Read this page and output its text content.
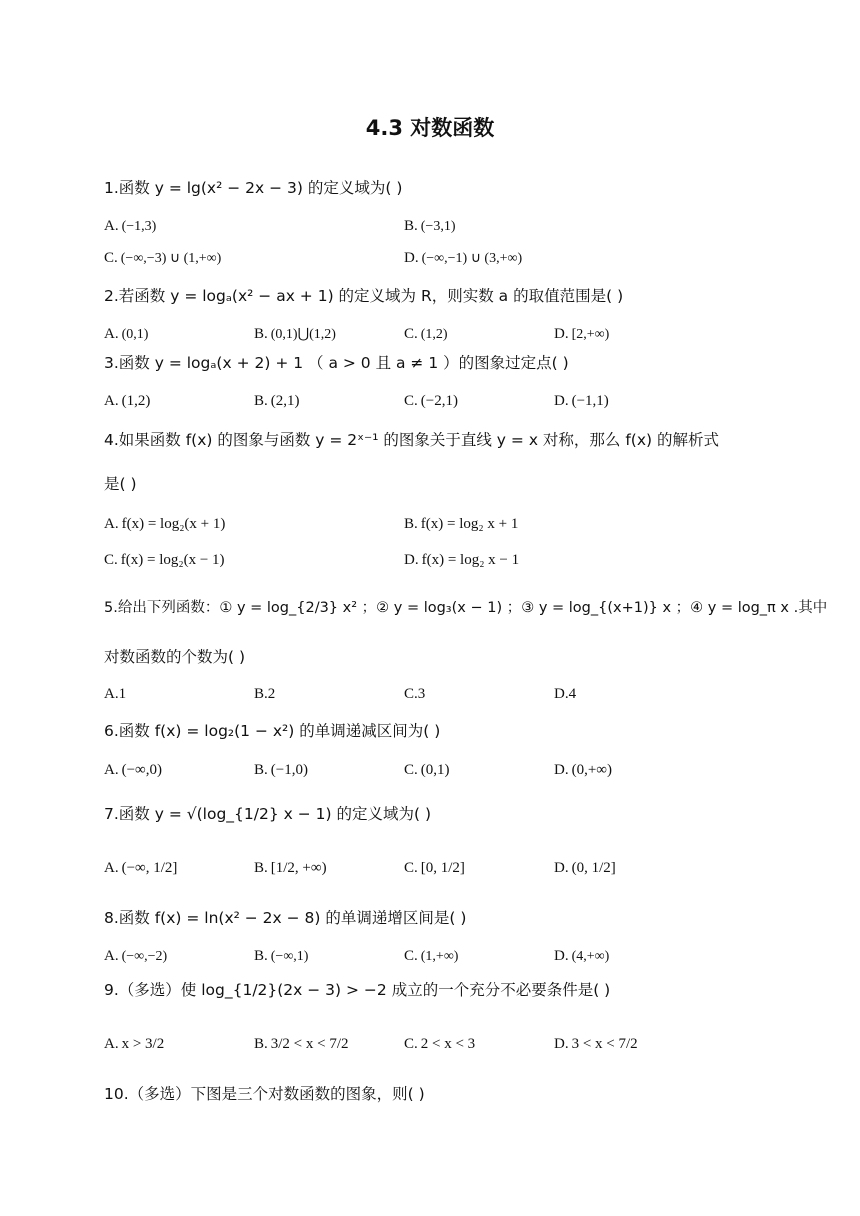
4.3 对数函数
1.函数 y = lg(x² − 2x − 3) 的定义域为( )
A. (−1,3)	B. (−3,1)
C. (−∞,−3) ∪ (1,+∞)	D. (−∞,−1) ∪ (3,+∞)
2.若函数 y = logₐ(x² − ax + 1) 的定义域为 R，则实数 a 的取值范围是( )
A. (0,1)	B. (0,1)⋃(1,2)	C. (1,2)	D. [2,+∞)
3.函数 y = logₐ(x + 2) + 1 （ a > 0 且 a ≠ 1 ）的图象过定点( )
A. (1,2)	B. (2,1)	C. (−2,1)	D. (−1,1)
4.如果函数 f(x) 的图象与函数 y = 2ˣ⁻¹ 的图象关于直线 y = x 对称，那么 f(x) 的解析式
是( )
A. f(x) = log₂(x + 1)	B. f(x) = log₂ x + 1
C. f(x) = log₂(x − 1)	D. f(x) = log₂ x − 1
5.给出下列函数：① y = log_{2/3} x² ；② y = log₃(x − 1) ；③ y = log_{(x+1)} x ；④ y = log_π x .其中
对数函数的个数为( )
A.1	B.2	C.3	D.4
6.函数 f(x) = log₂(1 − x²) 的单调递减区间为( )
A. (−∞,0)	B. (−1,0)	C. (0,1)	D. (0,+∞)
7.函数 y = √(log_{1/2} x − 1) 的定义域为( )
A. (−∞, 1/2]	B. [1/2, +∞)	C. [0, 1/2]	D. (0, 1/2]
8.函数 f(x) = ln(x² − 2x − 8) 的单调递增区间是( )
A. (−∞,−2)	B. (−∞,1)	C. (1,+∞)	D. (4,+∞)
9.（多选）使 log_{1/2}(2x − 3) > −2 成立的一个充分不必要条件是( )
A. x > 3/2	B. 3/2 < x < 7/2	C. 2 < x < 3	D. 3 < x < 7/2
10.（多选）下图是三个对数函数的图象，则( )
